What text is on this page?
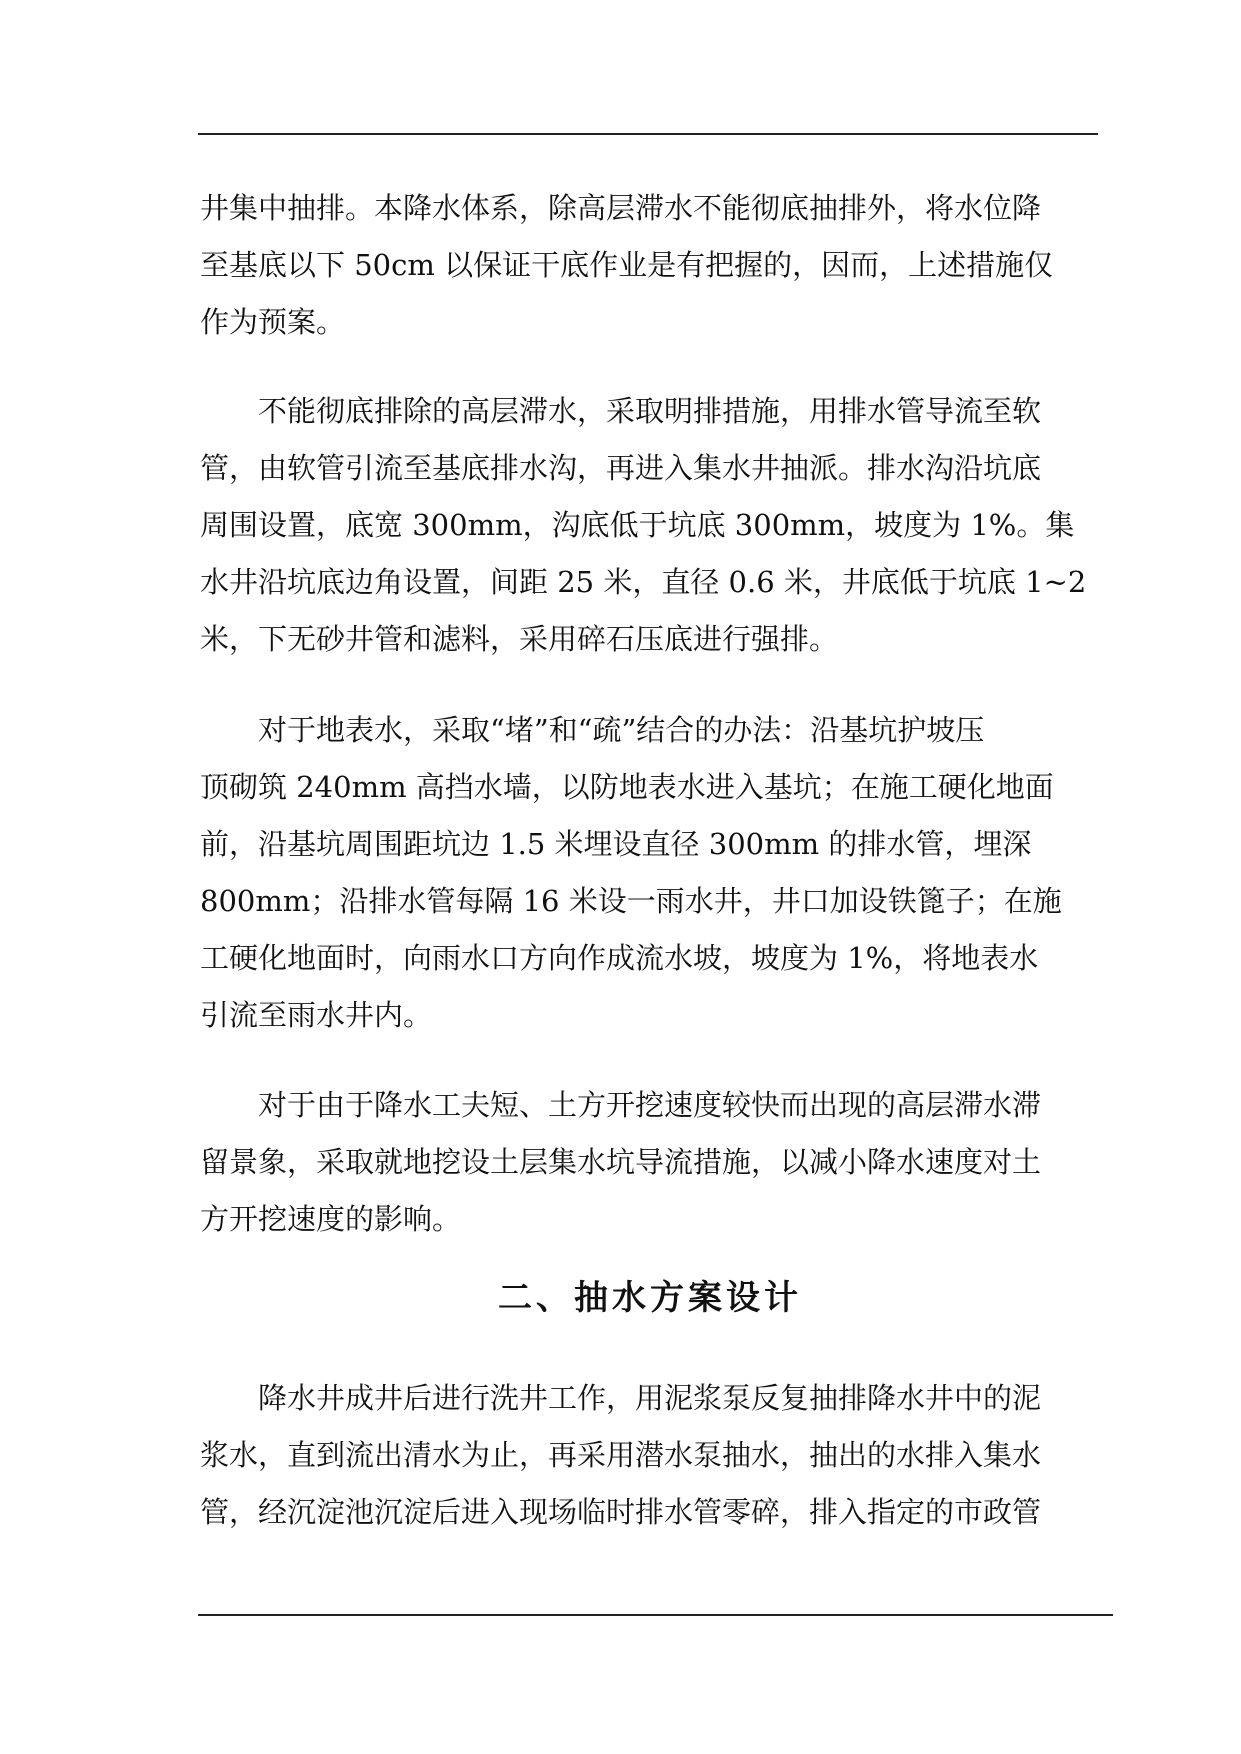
井集中抽排。本降水体系，除高层滞水不能彻底抽排外，将水位降
至基底以下 50cm 以保证干底作业是有把握的，因而，上述措施仅
作为预案。
　　不能彻底排除的高层滞水，采取明排措施，用排水管导流至软
管，由软管引流至基底排水沟，再进入集水井抽派。排水沟沿坑底
周围设置，底宽 300mm，沟底低于坑底 300mm，坡度为 1%。集
水井沿坑底边角设置，间距 25 米，直径 0.6 米，井底低于坑底 1~2
米，下无砂井管和滤料，采用碎石压底进行强排。
　　对于地表水，采取“堵”和“疏”结合的办法：沿基坑护坡压
顶砌筑 240mm 高挡水墙，以防地表水进入基坑；在施工硬化地面
前，沿基坑周围距坑边 1.5 米埋设直径 300mm 的排水管，埋深
800mm；沿排水管每隔 16 米设一雨水井，井口加设铁篦子；在施
工硬化地面时，向雨水口方向作成流水坡，坡度为 1%，将地表水
引流至雨水井内。
　　对于由于降水工夫短、土方开挖速度较快而出现的高层滞水滞
留景象，采取就地挖设土层集水坑导流措施，以减小降水速度对土
方开挖速度的影响。
二、抽水方案设计
　　降水井成井后进行洗井工作，用泥浆泵反复抽排降水井中的泥
浆水，直到流出清水为止，再采用潜水泵抽水，抽出的水排入集水
管，经沉淀池沉淀后进入现场临时排水管零碎，排入指定的市政管
